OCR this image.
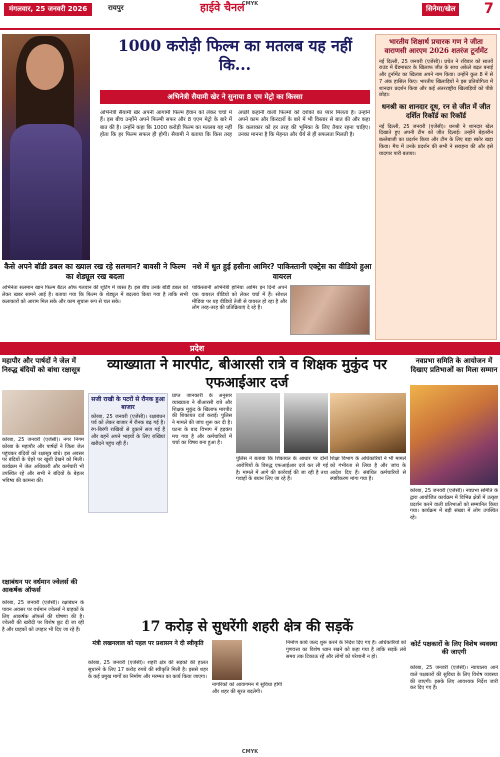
CMYK
मंगलवार, 25 जनवरी 2026	रायपुर	हाईवे चैनल	सिनेमा/खेल 7
1000 करोड़ी फिल्म का मतलब यह नहीं कि...
अभिनेत्री सैयामी खेर ने सुनाया 8 एम मेट्रो का किस्सा
अभिनेत्री सैयामी खेर अपनी आगामी फिल्म हैवान को लेकर चर्चा में हैं। इस बीच उन्होंने अपने फिल्मी सफर और 8 एएम मेट्रो के बारे में बात की है। उन्होंने कहा कि 1000 करोड़ी फिल्म का मतलब यह नहीं होता कि हर फिल्म सफल ही होगी। सैयामी ने बताया कि किस तरह अच्छी कहानी वाली फिल्मों को दर्शकों का प्यार मिलता है। उन्होंने अपने काम और किरदारों के बारे में भी विस्तार से बात की और कहा कि कलाकार को हर तरह की भूमिका के लिए तैयार रहना चाहिए। उनका मानना है कि मेहनत और धैर्य से ही सफलता मिलती है।
भारतीय शिक्षार्थ प्रचारक गण ने जीता वाराणसी आरएम 2026 शतरंज टूर्नामेंट
नई दिल्ली, 25 जनवरी (एजेंसी)। प्रचेत ने रविवार को सातवें राउंड में ग्रैंडमास्टर के खिलाफ जीत के साथ अकेले बढ़त बनाई और टूर्नामेंट का खिताब अपने नाम किया। उन्होंने कुल 8 में से 7 अंक हासिल किए। भारतीय खिलाड़ियों ने इस प्रतियोगिता में शानदार प्रदर्शन किया और कई अंतरराष्ट्रीय खिलाड़ियों को पीछे छोड़ा।
धनश्री का शानदार दूध, रन से जीत में जीत दर्शित रिकॉर्ड का रिकॉर्ड
नई दिल्ली, 25 जनवरी (एजेंसी)। धनश्री ने शानदार खेल दिखाते हुए अपनी टीम को जीत दिलाई। उन्होंने बेहतरीन बल्लेबाजी का प्रदर्शन किया और टीम के लिए बड़ा स्कोर खड़ा किया। मैच में उनके प्रदर्शन की सभी ने सराहना की और इसे यादगार पारी बताया।
कैसे अपने बॉडी डबल का ख्याल रख रहे सलमान? बावसी ने फिल्म का शेड्यूल रख बदला
अभिनेता सलमान खान फिल्म बैटल ऑफ गलवान की शूटिंग में व्यस्त हैं। इस बीच उनके बॉडी डबल को लेकर खबर सामने आई है। बताया गया कि फिल्म के शेड्यूल में बदलाव किया गया है ताकि सभी कलाकारों को आराम मिल सके और काम सुचारू रूप से चल सके।
नशे में धुत हुई हसीना आमिर? पाकिस्तानी एक्ट्रेस का वीडियो हुआ वायरल
पाकिस्तानी अभिनेत्री हानिया आमिर इन दिनों अपने एक वायरल वीडियो को लेकर चर्चा में हैं। सोशल मीडिया पर यह वीडियो तेजी से वायरल हो रहा है और लोग तरह-तरह की प्रतिक्रियाएं दे रहे हैं।
प्रदेश
महापौर और पार्षदों ने जेल में निरुद्ध बंदियों को बांधा रक्षासूत्र
कोरबा, 25 जनवरी (एजेंसी)। नगर निगम कोरबा के महापौर और पार्षदों ने जिला जेल पहुंचकर बंदियों को रक्षासूत्र बांधे। इस अवसर पर बंदियों के चेहरे पर खुशी देखने को मिली। कार्यक्रम में जेल अधिकारी और कर्मचारी भी उपस्थित रहे और सभी ने बंदियों के बेहतर भविष्य की कामना की।
रक्षाबंधन पर वर्धमान ज्वेलर्स की आकर्षक ऑफर्स
कोरबा, 25 जनवरी (एजेंसी)। रक्षाबंधन के पावन अवसर पर वर्धमान ज्वेलर्स ने ग्राहकों के लिए आकर्षक ऑफर्स की घोषणा की है। ज्वेलरी की खरीदी पर विशेष छूट दी जा रही है और ग्राहकों को उपहार भी दिए जा रहे हैं।
व्याख्याता ने मारपीट, बीआरसी रात्रे व शिक्षक मुकुंद पर एफआईआर दर्ज
सजी राखी के पटरों से रौनक हुआ बाजार
कोरबा, 25 जनवरी (एजेंसी)। रक्षाबंधन पर्व को लेकर बाजार में रौनक बढ़ गई है। रंग-बिरंगी राखियों से दुकानें सज गई हैं और बहनें अपने भाइयों के लिए राखियां खरीदने पहुंच रही हैं।
प्राप्त जानकारी के अनुसार व्याख्याता ने बीआरसी रात्रे और शिक्षक मुकुंद के खिलाफ मारपीट की शिकायत दर्ज कराई। पुलिस ने मामले की जांच शुरू कर दी है। घटना के बाद विभाग में हड़कंप मच गया है और कर्मचारियों में चर्चा का विषय बना हुआ है।
पुलिस ने बताया कि शिकायत के आधार पर दोनों आरोपियों के विरुद्ध एफआईआर दर्ज कर ली गई है। मामले में आगे की कार्रवाई की जा रही है तथा गवाहों के बयान लिए जा रहे हैं।
शिक्षा विभाग के अधिकारियों ने भी मामले को गंभीरता से लिया है और जांच के आदेश दिए हैं। संबंधित कर्मचारियों से स्पष्टीकरण मांगा गया है।
17 करोड़ से सुधरेंगी शहरी क्षेत्र की सड़कें
मंत्री लखनलाल को पहल पर प्रशासन ने दी स्वीकृति
कोरबा, 25 जनवरी (एजेंसी)। शहरी क्षेत्र की सड़कों की हालत सुधारने के लिए 17 करोड़ रुपये की स्वीकृति मिली है। इससे शहर के कई प्रमुख मार्गों का निर्माण और मरम्मत का कार्य किया जाएगा।
नागरिकों को आवागमन में सुविधा होगी और शहर की सूरत बदलेगी।
निर्माण कार्य जल्द शुरू करने के निर्देश दिए गए हैं। अधिकारियों को गुणवत्ता का विशेष ध्यान रखने को कहा गया है ताकि सड़कें लंबे समय तक टिकाऊ रहें और लोगों को परेशानी न हो।
नवप्रभा समिति के आयोजन में दिखाए प्रतिभाओं का मिला सम्मान
कोरबा, 25 जनवरी (एजेंसी)। नवप्रभा समिति के द्वारा आयोजित कार्यक्रम में विभिन्न क्षेत्रों में उत्कृष्ट प्रदर्शन करने वाली प्रतिभाओं को सम्मानित किया गया। कार्यक्रम में बड़ी संख्या में लोग उपस्थित रहे।
कोर्ट पक्षकारों के लिए विशेष व्यवस्था की जाएगी
कोरबा, 25 जनवरी (एजेंसी)। न्यायालय आने वाले पक्षकारों की सुविधा के लिए विशेष व्यवस्था की जाएगी। इसके लिए आवश्यक निर्देश जारी कर दिए गए हैं।
CMYK
